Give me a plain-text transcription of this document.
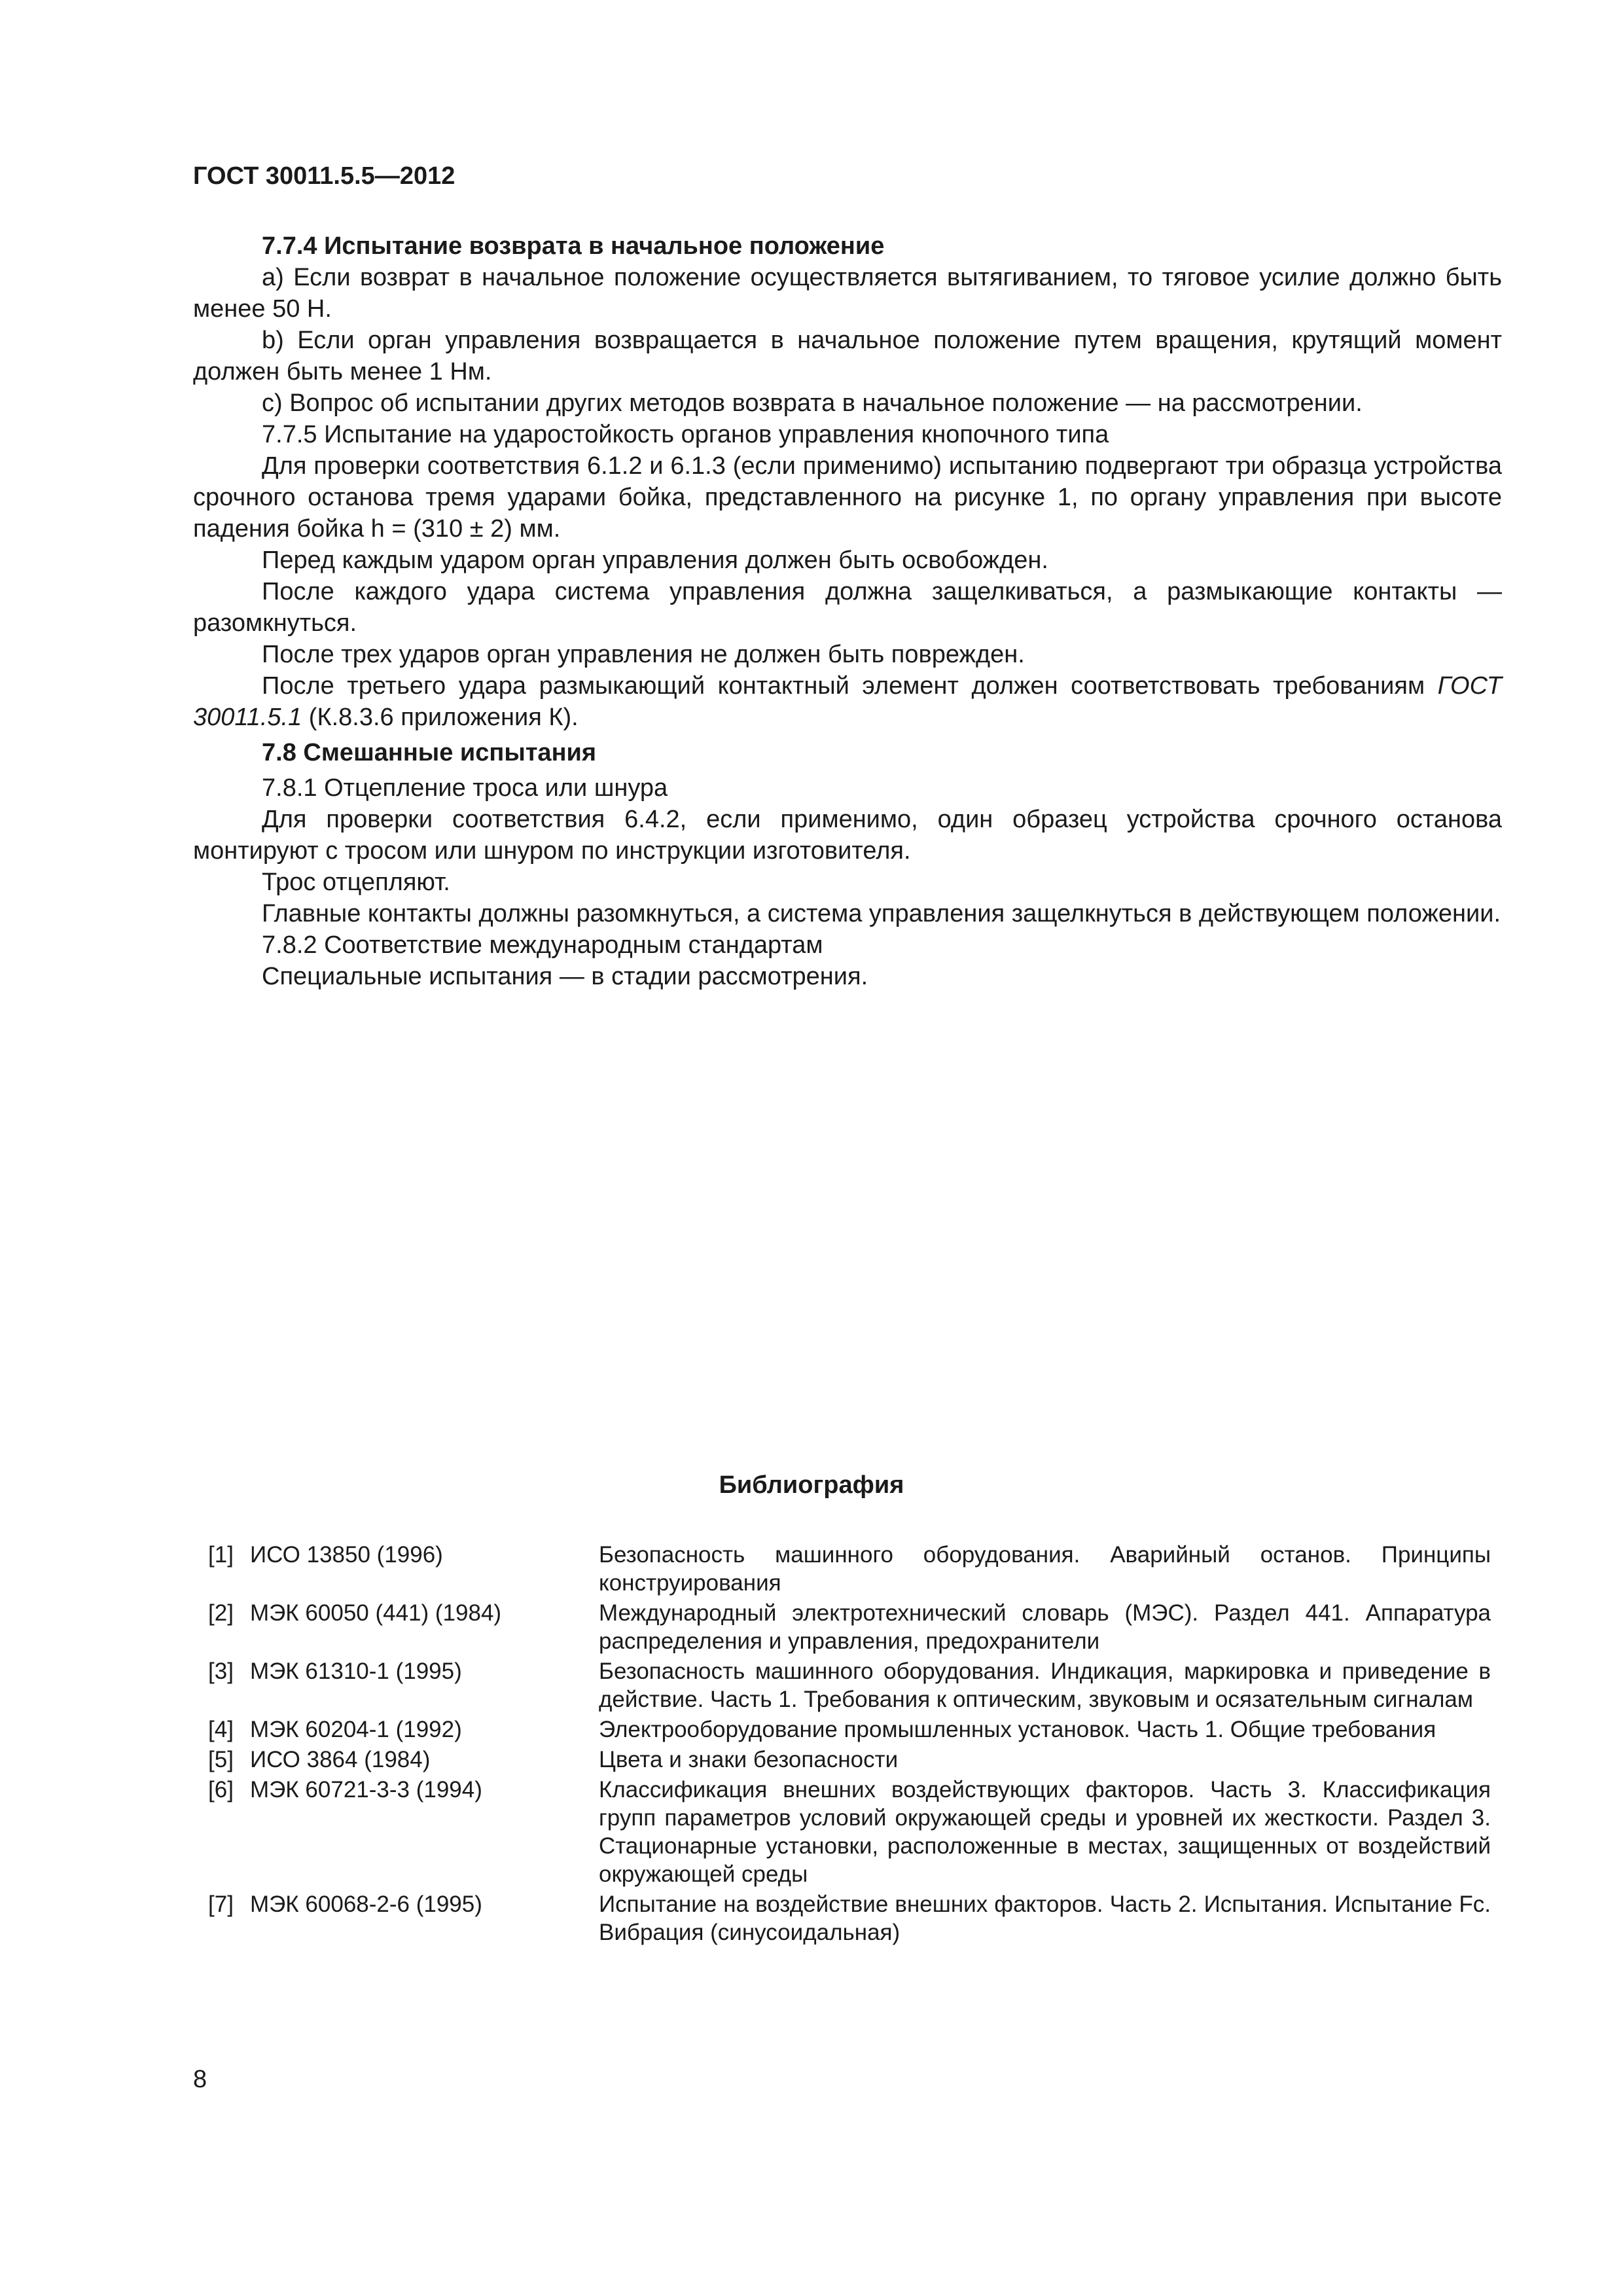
ГОСТ 30011.5.5—2012

7.7.4 Испытание возврата в начальное положение

a) Если возврат в начальное положение осуществляется вытягиванием, то тяговое усилие должно быть менее 50 Н.

b) Если орган управления возвращается в начальное положение путем вращения, крутящий момент должен быть менее 1 Нм.

c) Вопрос об испытании других методов возврата в начальное положение — на рассмотрении.

7.7.5 Испытание на ударостойкость органов управления кнопочного типа

Для проверки соответствия 6.1.2 и 6.1.3 (если применимо) испытанию подвергают три образца устройства срочного останова тремя ударами бойка, представленного на рисунке 1, по органу управления при высоте падения бойка h = (310 ± 2) мм.

Перед каждым ударом орган управления должен быть освобожден.

После каждого удара система управления должна защелкиваться, а размыкающие контакты — разомкнуться.

После трех ударов орган управления не должен быть поврежден.

После третьего удара размыкающий контактный элемент должен соответствовать требованиям ГОСТ 30011.5.1 (К.8.3.6 приложения К).

7.8 Смешанные испытания

7.8.1 Отцепление троса или шнура

Для проверки соответствия 6.4.2, если применимо, один образец устройства срочного останова монтируют с тросом или шнуром по инструкции изготовителя.

Трос отцепляют.

Главные контакты должны разомкнуться, а система управления защелкнуться в действующем положении.

7.8.2 Соответствие международным стандартам

Специальные испытания — в стадии рассмотрения.

Библиография
[1] ИСО 13850 (1996)	Безопасность машинного оборудования. Аварийный останов. Принципы конструирования
[2] МЭК 60050 (441) (1984)	Международный электротехнический словарь (МЭС). Раздел 441. Аппаратура распределения и управления, предохранители
[3] МЭК 61310-1 (1995)	Безопасность машинного оборудования. Индикация, маркировка и приведение в действие. Часть 1. Требования к оптическим, звуковым и осязательным сигналам
[4] МЭК 60204-1 (1992)	Электрооборудование промышленных установок. Часть 1. Общие требования
[5] ИСО 3864 (1984)	Цвета и знаки безопасности
[6] МЭК 60721-3-3 (1994)	Классификация внешних воздействующих факторов. Часть 3. Классификация групп параметров условий окружающей среды и уровней их жесткости. Раздел 3. Стационарные установки, расположенные в местах, защищенных от воздействий окружающей среды
[7] МЭК 60068-2-6 (1995)	Испытание на воздействие внешних факторов. Часть 2. Испытания. Испытание Fc. Вибрация (синусоидальная)
8
